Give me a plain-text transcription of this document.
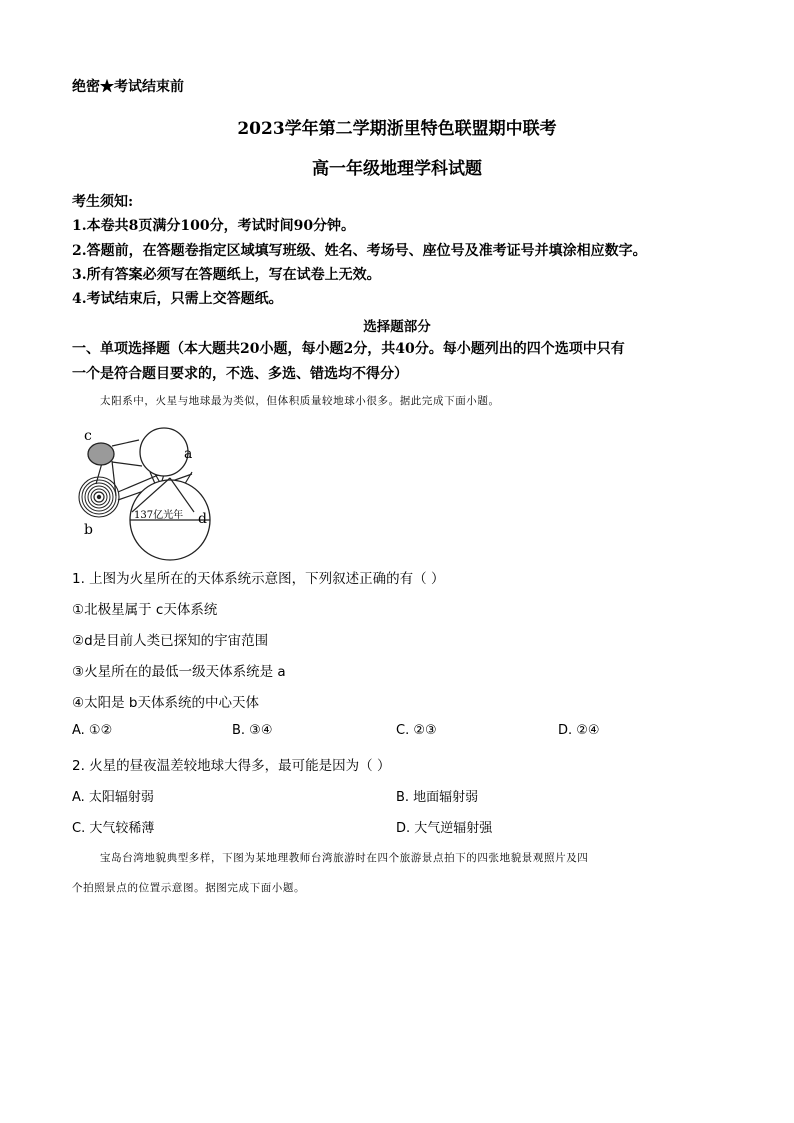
绝密★考试结束前
2023学年第二学期浙里特色联盟期中联考
高一年级地理学科试题
考生须知:
1.本卷共8页满分100分，考试时间90分钟。
2.答题前，在答题卷指定区域填写班级、姓名、考场号、座位号及准考证号并填涂相应数字。
3.所有答案必须写在答题纸上，写在试卷上无效。
4.考试结束后，只需上交答题纸。
选择题部分
一、单项选择题（本大题共20小题，每小题2分，共40分。每小题列出的四个选项中只有
一个是符合题目要求的，不选、多选、错选均不得分）
太阳系中，火星与地球最为类似，但体积质量较地球小很多。据此完成下面小题。
c
a
b
d
137亿光年
1. 上图为火星所在的天体系统示意图，下列叙述正确的有（ ）
①北极星属于 c天体系统
②d是目前人类已探知的宇宙范围
③火星所在的最低一级天体系统是 a
④太阳是 b天体系统的中心天体
A. ①②	B. ③④	C. ②③	D. ②④
2. 火星的昼夜温差较地球大得多，最可能是因为（ ）
A. 太阳辐射弱	B. 地面辐射弱
C. 大气较稀薄	D. 大气逆辐射强
宝岛台湾地貌典型多样，下图为某地理教师台湾旅游时在四个旅游景点拍下的四张地貌景观照片及四
个拍照景点的位置示意图。据图完成下面小题。
